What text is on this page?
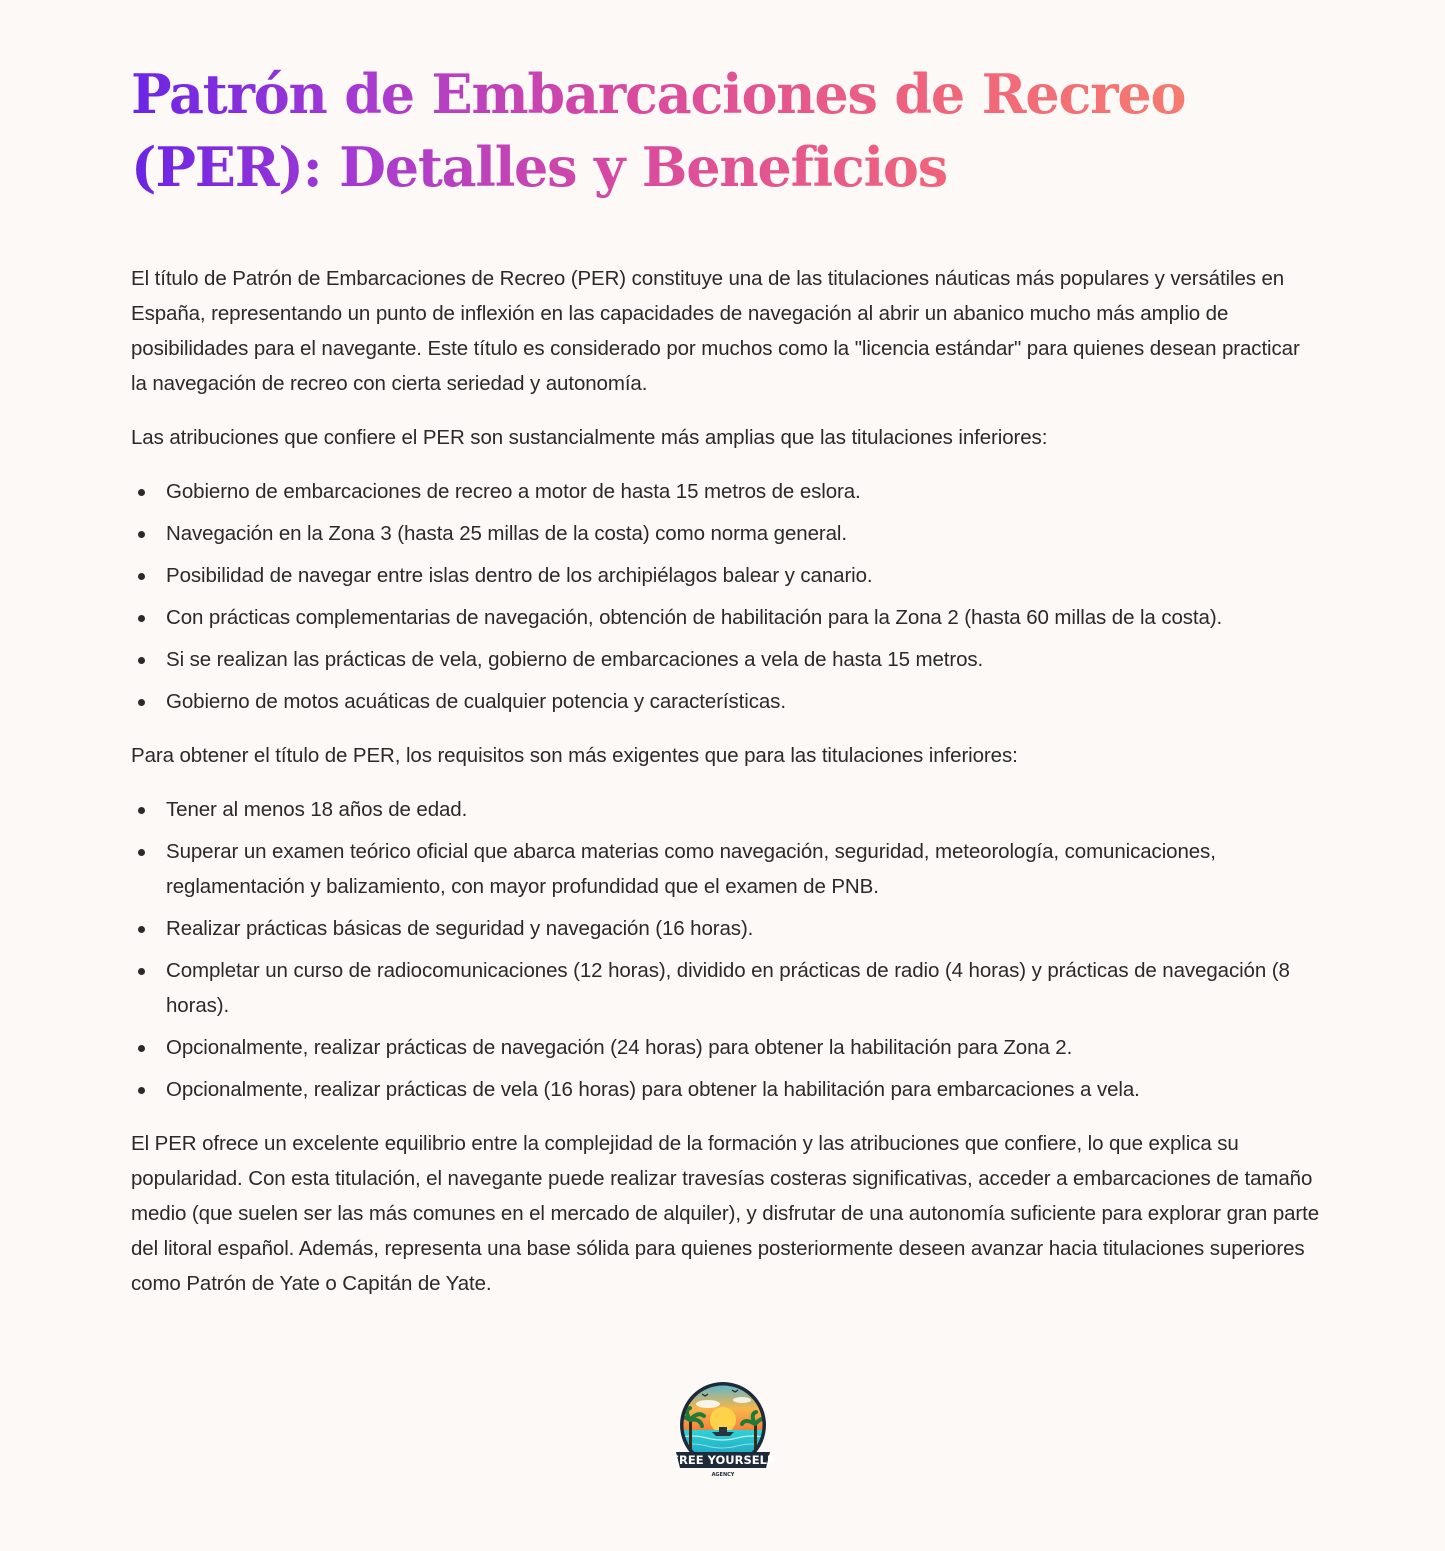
Patrón de Embarcaciones de Recreo (PER): Detalles y Beneficios

El título de Patrón de Embarcaciones de Recreo (PER) constituye una de las titulaciones náuticas más populares y versátiles en España, representando un punto de inflexión en las capacidades de navegación al abrir un abanico mucho más amplio de posibilidades para el navegante. Este título es considerado por muchos como la "licencia estándar" para quienes desean practicar la navegación de recreo con cierta seriedad y autonomía.

Las atribuciones que confiere el PER son sustancialmente más amplias que las titulaciones inferiores:

Gobierno de embarcaciones de recreo a motor de hasta 15 metros de eslora.
Navegación en la Zona 3 (hasta 25 millas de la costa) como norma general.
Posibilidad de navegar entre islas dentro de los archipiélagos balear y canario.
Con prácticas complementarias de navegación, obtención de habilitación para la Zona 2 (hasta 60 millas de la costa).
Si se realizan las prácticas de vela, gobierno de embarcaciones a vela de hasta 15 metros.
Gobierno de motos acuáticas de cualquier potencia y características.

Para obtener el título de PER, los requisitos son más exigentes que para las titulaciones inferiores:

Tener al menos 18 años de edad.
Superar un examen teórico oficial que abarca materias como navegación, seguridad, meteorología, comunicaciones, reglamentación y balizamiento, con mayor profundidad que el examen de PNB.
Realizar prácticas básicas de seguridad y navegación (16 horas).
Completar un curso de radiocomunicaciones (12 horas), dividido en prácticas de radio (4 horas) y prácticas de navegación (8 horas).
Opcionalmente, realizar prácticas de navegación (24 horas) para obtener la habilitación para Zona 2.
Opcionalmente, realizar prácticas de vela (16 horas) para obtener la habilitación para embarcaciones a vela.

El PER ofrece un excelente equilibrio entre la complejidad de la formación y las atribuciones que confiere, lo que explica su popularidad. Con esta titulación, el navegante puede realizar travesías costeras significativas, acceder a embarcaciones de tamaño medio (que suelen ser las más comunes en el mercado de alquiler), y disfrutar de una autonomía suficiente para explorar gran parte del litoral español. Además, representa una base sólida para quienes posteriormente deseen avanzar hacia titulaciones superiores como Patrón de Yate o Capitán de Yate.

FREE YOURSELF
AGENCY
